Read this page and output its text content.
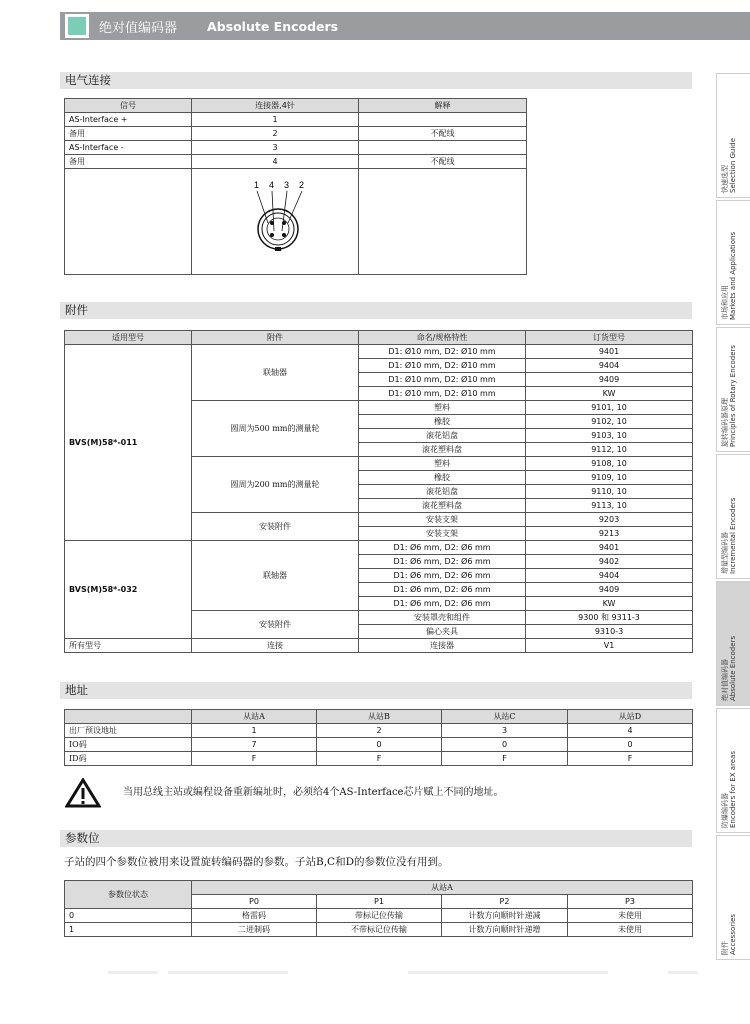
绝对值编码器 Absolute Encoders
电气连接
信号	连接器,4针	解释
AS-Interface +	1	
备用	2	不配线
AS-Interface -	3	
备用	4	不配线

1 4 3 2	

附件
适用型号	附件	命名/规格特性	订货型号
BVS(M)58*-011	联轴器	D1: Ø10 mm, D2: Ø10 mm	9401
		D1: Ø10 mm, D2: Ø10 mm	9404
		D1: Ø10 mm, D2: Ø10 mm	9409
		D1: Ø10 mm, D2: Ø10 mm	KW
	圆周为500 mm的测量轮	塑料	9101, 10
		橡胶	9102, 10
		滚花铝盘	9103, 10
		滚花塑料盘	9112, 10
	圆周为200 mm的测量轮	塑料	9108, 10
		橡胶	9109, 10
		滚花铝盘	9110, 10
		滚花塑料盘	9113, 10
	安装附件	安装支架	9203
		安装支架	9213
BVS(M)58*-032	联轴器	D1: Ø6 mm, D2: Ø6 mm	9401
		D1: Ø6 mm, D2: Ø6 mm	9402
		D1: Ø6 mm, D2: Ø6 mm	9404
		D1: Ø6 mm, D2: Ø6 mm	9409
		D1: Ø6 mm, D2: Ø6 mm	KW
	安装附件	安装罩壳和组件	9300 和 9311-3
		偏心夹具	9310-3
所有型号	连接	连接器	V1
地址
	从站A	从站B	从站C	从站D
出厂预设地址	1	2	3	4
IO码	7	0	0	0
ID码	F	F	F	F
当用总线主站或编程设备重新编址时，必须给4个AS-Interface芯片赋上不同的地址。
参数位
子站的四个参数位被用来设置旋转编码器的参数。子站B,C和D的参数位没有用到。
参数位状态	从站A			
	P0	P1	P2	P3
0	格雷码	带标记位传输	计数方向顺时针递减	未使用
1	二进制码	不带标记位传输	计数方向顺时针递增	未使用
快速选型 Selection Guide
市场和应用 Markets and Applications
旋转编码器原理 Principles of Rotary Encoders
增量型编码器 Incremental Encoders
绝对值编码器 Absolute Encoders
防爆编码器 Encoders for EX areas
附件 Accessories
